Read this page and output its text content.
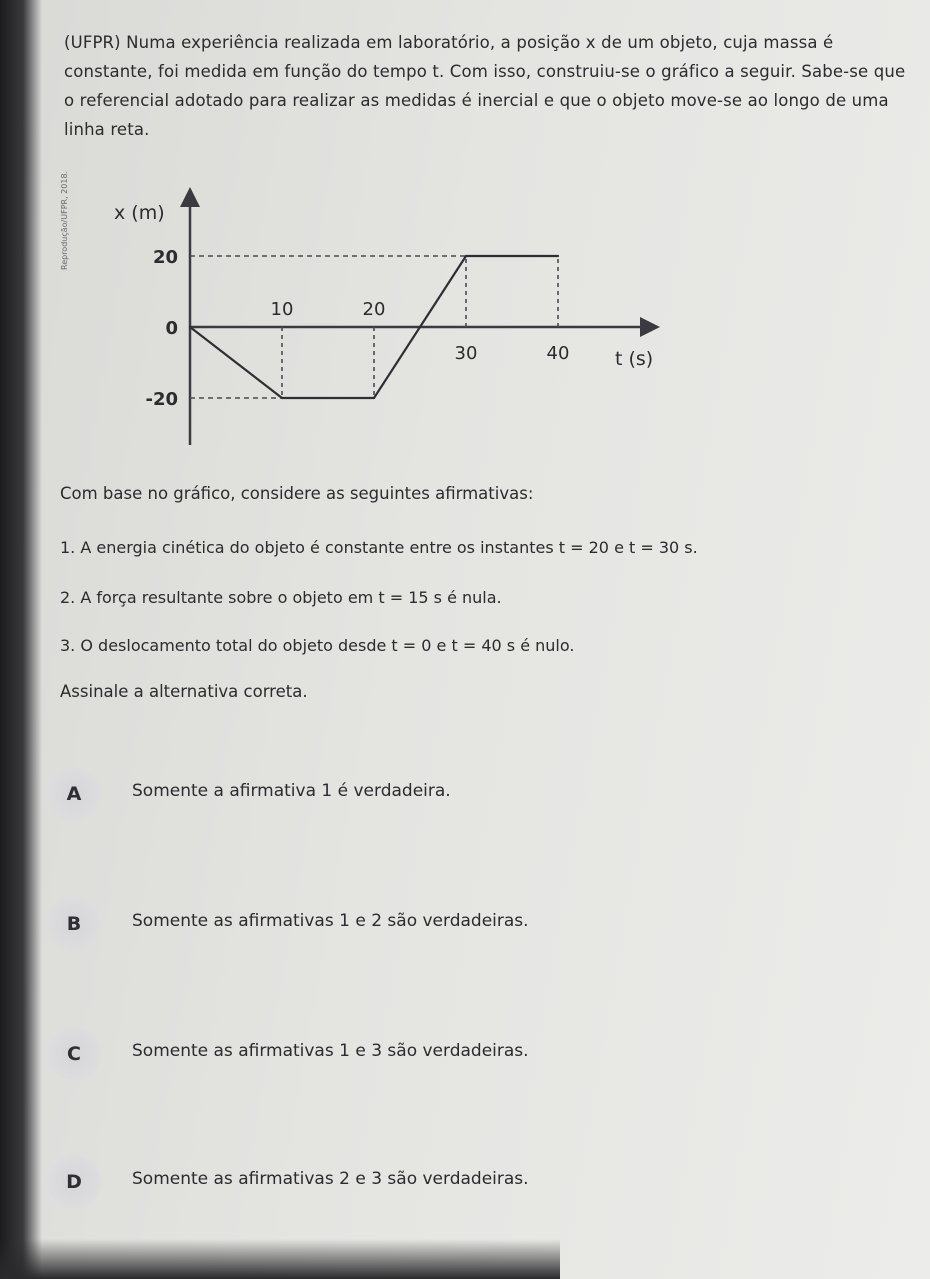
(UFPR) Numa experiência realizada em laboratório, a posição x de um objeto, cuja massa é constante, foi medida em função do tempo t. Com isso, construiu-se o gráfico a seguir. Sabe-se que o referencial adotado para realizar as medidas é inercial e que o objeto move-se ao longo de uma linha reta.

Reprodução/UFPR, 2018. x (m)
t (s)
10	20
30	40
20
0
-20

Com base no gráfico, considere as seguintes afirmativas:

1. A energia cinética do objeto é constante entre os instantes t = 20 e t = 30 s.

2. A força resultante sobre o objeto em t = 15 s é nula.

3. O deslocamento total do objeto desde t = 0 e t = 40 s é nulo.

Assinale a alternativa correta.

A	Somente a afirmativa 1 é verdadeira.
B	Somente as afirmativas 1 e 2 são verdadeiras.
C	Somente as afirmativas 1 e 3 são verdadeiras.
D	Somente as afirmativas 2 e 3 são verdadeiras.
